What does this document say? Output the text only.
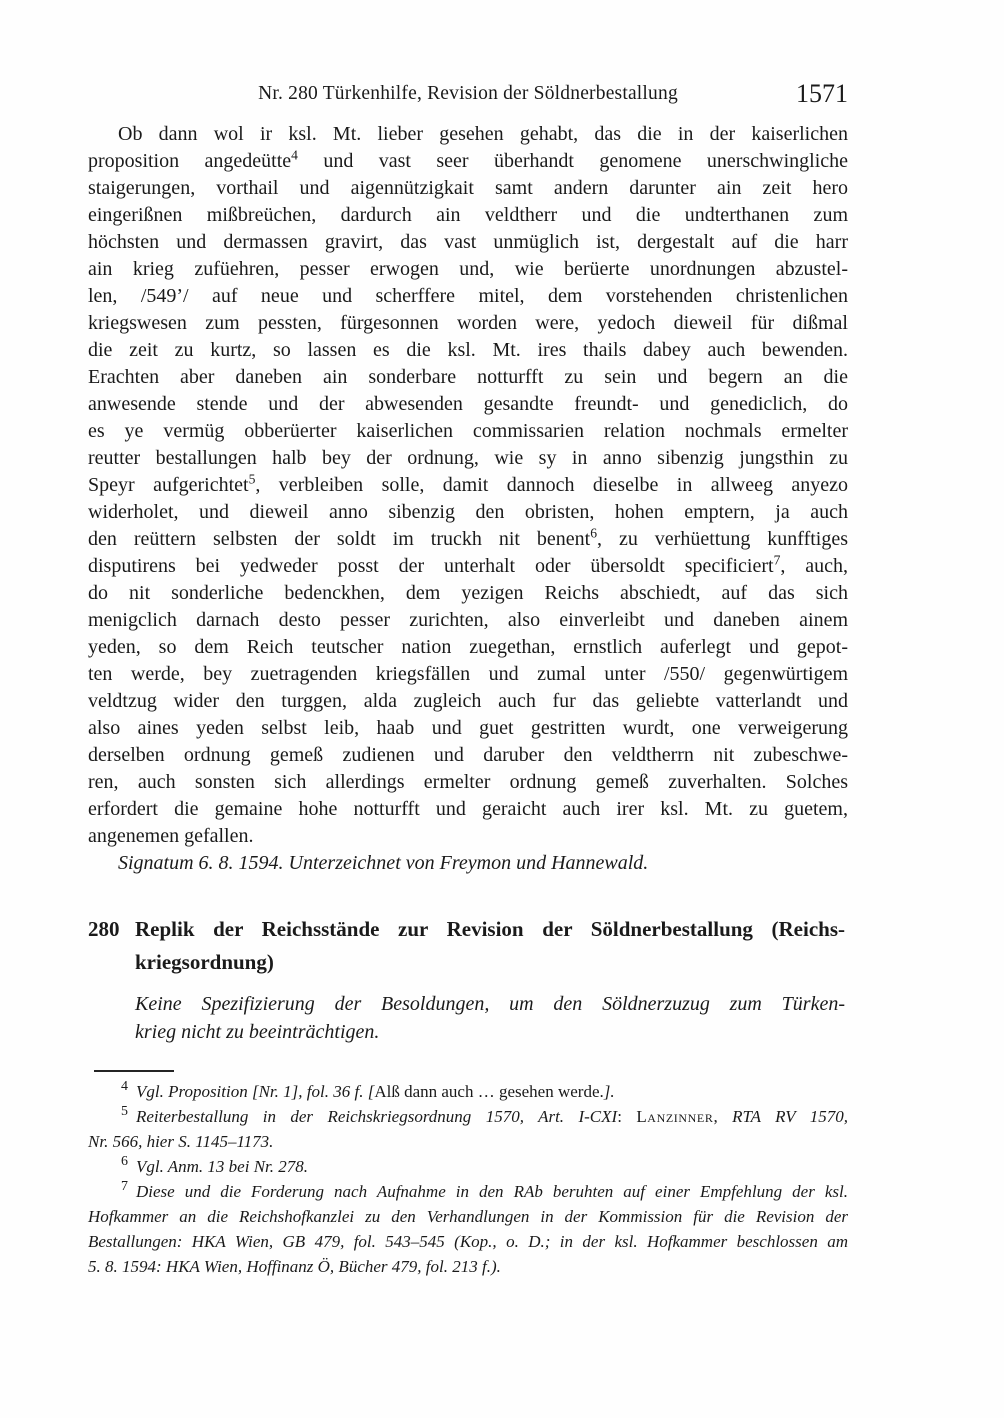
Nr. 280 Türkenhilfe, Revision der Söldnerbestallung	1571
Ob dann wol ir ksl. Mt. lieber gesehen gehabt, das die in der kaiserlichen
proposition angedeütte$^4$ und vast seer überhandt genomene unerschwingliche
staigerungen, vorthail und aigennützigkait samt andern darunter ain zeit hero
eingerißnen mißbreüchen, dardurch ain veldtherr und die undterthanen zum
höchsten und dermassen gravirt, das vast unmüglich ist, dergestalt auf die harr
ain krieg zufüehren, pesser erwogen und, wie berüerte unordnungen abzustel-
len, /549’/ auf neue und scherffere mitel, dem vorstehenden christenlichen
kriegswesen zum pessten, fürgesonnen worden were, yedoch dieweil für dißmal
die zeit zu kurtz, so lassen es die ksl. Mt. ires thails dabey auch bewenden.
Erachten aber daneben ain sonderbare notturfft zu sein und begern an die
anwesende stende und der abwesenden gesandte freundt- und genediclich, do
es ye vermüg obberüerter kaiserlichen commissarien relation nochmals ermelter
reutter bestallungen halb bey der ordnung, wie sy in anno sibenzig jungsthin zu
Speyr aufgerichtet$^5$, verbleiben solle, damit dannoch dieselbe in allweeg anyezo
widerholet, und dieweil anno sibenzig den obristen, hohen emptern, ja auch
den reüttern selbsten der soldt im truckh nit benent$^6$, zu verhüettung kunfftiges
disputirens bei yedweder posst der unterhalt oder übersoldt specificiert$^7$, auch,
do nit sonderliche bedenckhen, dem yezigen Reichs abschiedt, auf das sich
menigclich darnach desto pesser zurichten, also einverleibt und daneben ainem
yeden, so dem Reich teutscher nation zuegethan, ernstlich auferlegt und gepot-
ten werde, bey zuetragenden kriegsfällen und zumal unter /550/ gegenwürtigem
veldtzug wider den turggen, alda zugleich auch fur das geliebte vatterlandt und
also aines yeden selbst leib, haab und guet gestritten wurdt, one verweigerung
derselben ordnung gemeß zudienen und daruber den veldtherrn nit zubeschwe-
ren, auch sonsten sich allerdings ermelter ordnung gemeß zuverhalten. Solches
erfordert die gemaine hohe notturfft und geraicht auch irer ksl. Mt. zu guetem,
angenemen gefallen.
Signatum 6. 8. 1594. Unterzeichnet von Freymon und Hannewald.
280 Replik der Reichsstände zur Revision der Söldnerbestallung (Reichs-
kriegsordnung)
Keine Spezifizierung der Besoldungen, um den Söldnerzuzug zum Türken-
krieg nicht zu beeinträchtigen.
$^4$ Vgl. Proposition [Nr. 1], fol. 36 f. [Alß dann auch … gesehen werde.].
$^5$ Reiterbestallung in der Reichskriegsordnung 1570, Art. I-CXI: Lanzinner, RTA RV 1570,
Nr. 566, hier S. 1145–1173.
$^6$ Vgl. Anm. 13 bei Nr. 278.
$^7$ Diese und die Forderung nach Aufnahme in den RAb beruhten auf einer Empfehlung der ksl.
Hofkammer an die Reichshofkanzlei zu den Verhandlungen in der Kommission für die Revision der
Bestallungen: HKA Wien, GB 479, fol. 543–545 (Kop., o. D.; in der ksl. Hofkammer beschlossen am
5. 8. 1594: HKA Wien, Hoffinanz Ö, Bücher 479, fol. 213 f.).
